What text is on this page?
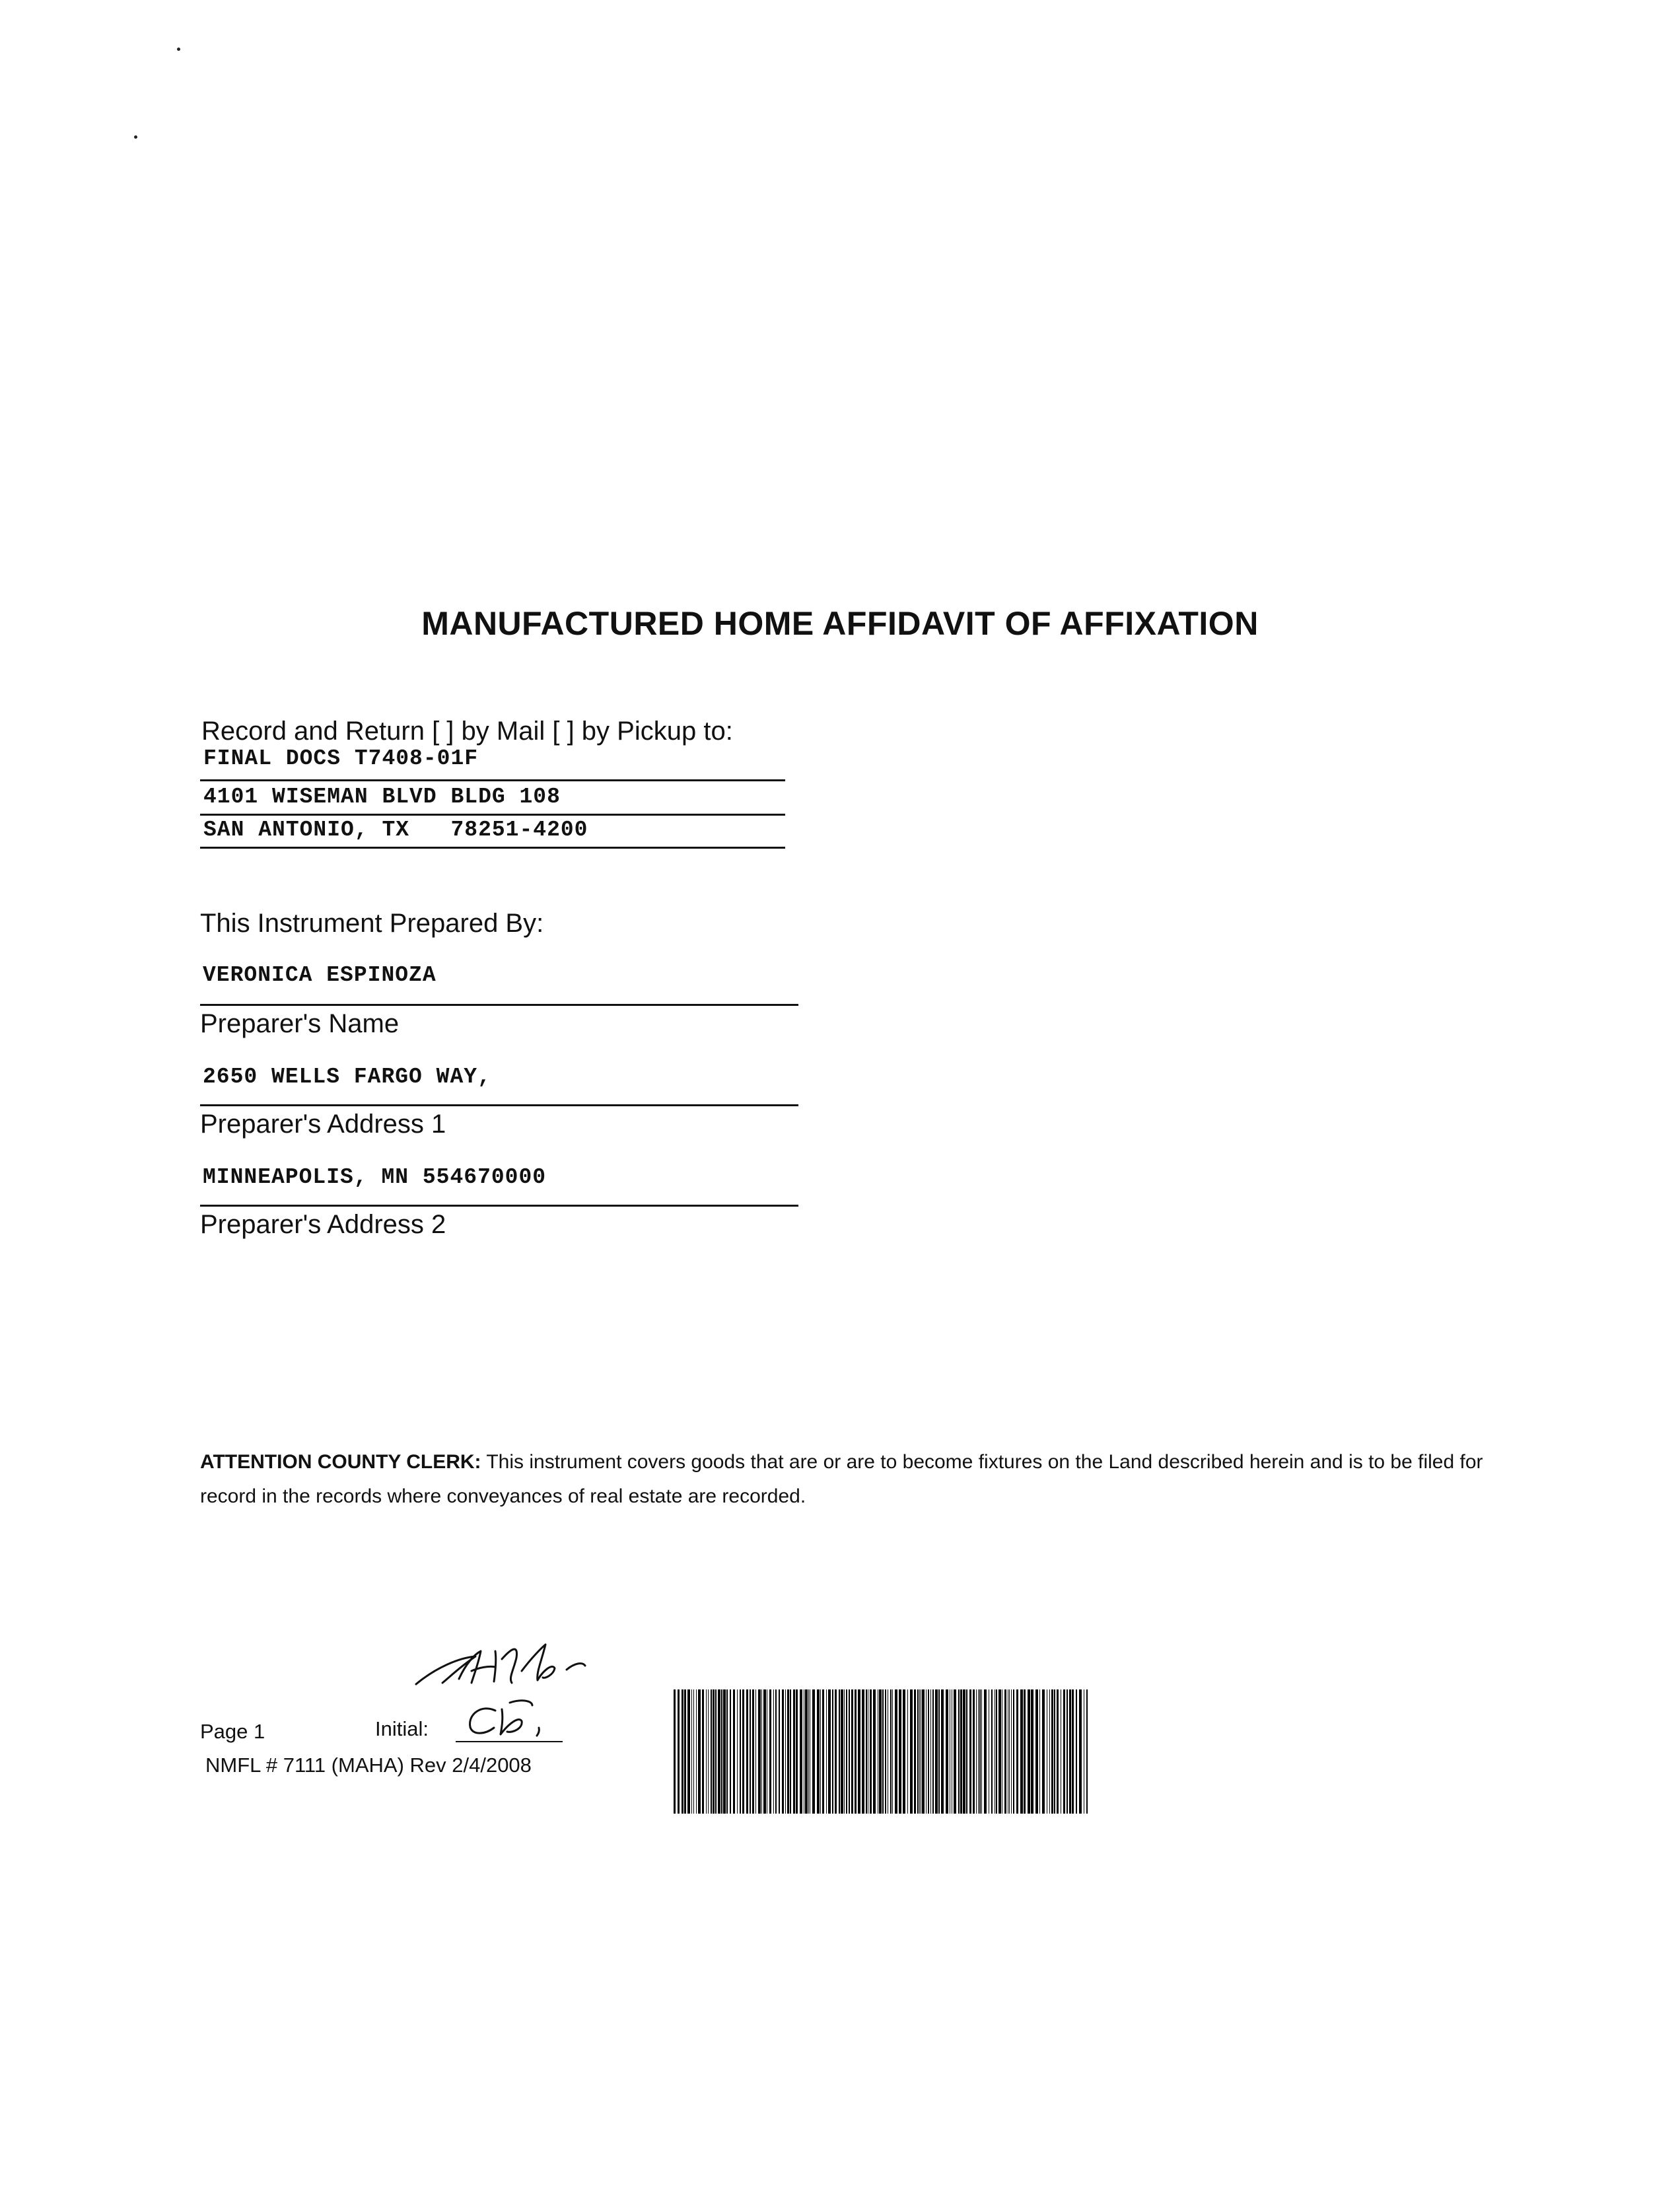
MANUFACTURED HOME AFFIDAVIT OF AFFIXATION
Record and Return [ ] by Mail [ ] by Pickup to:
FINAL DOCS T7408-01F
4101 WISEMAN BLVD BLDG 108
SAN ANTONIO, TX   78251-4200
This Instrument Prepared By:
VERONICA ESPINOZA
Preparer's Name
2650 WELLS FARGO WAY,
Preparer's Address 1
MINNEAPOLIS, MN 554670000
Preparer's Address 2
ATTENTION COUNTY CLERK: This instrument covers goods that are or are to become fixtures on the Land described herein and is to be filed for record in the records where conveyances of real estate are recorded.
Page 1	Initial:
NMFL # 7111 (MAHA) Rev 2/4/2008
